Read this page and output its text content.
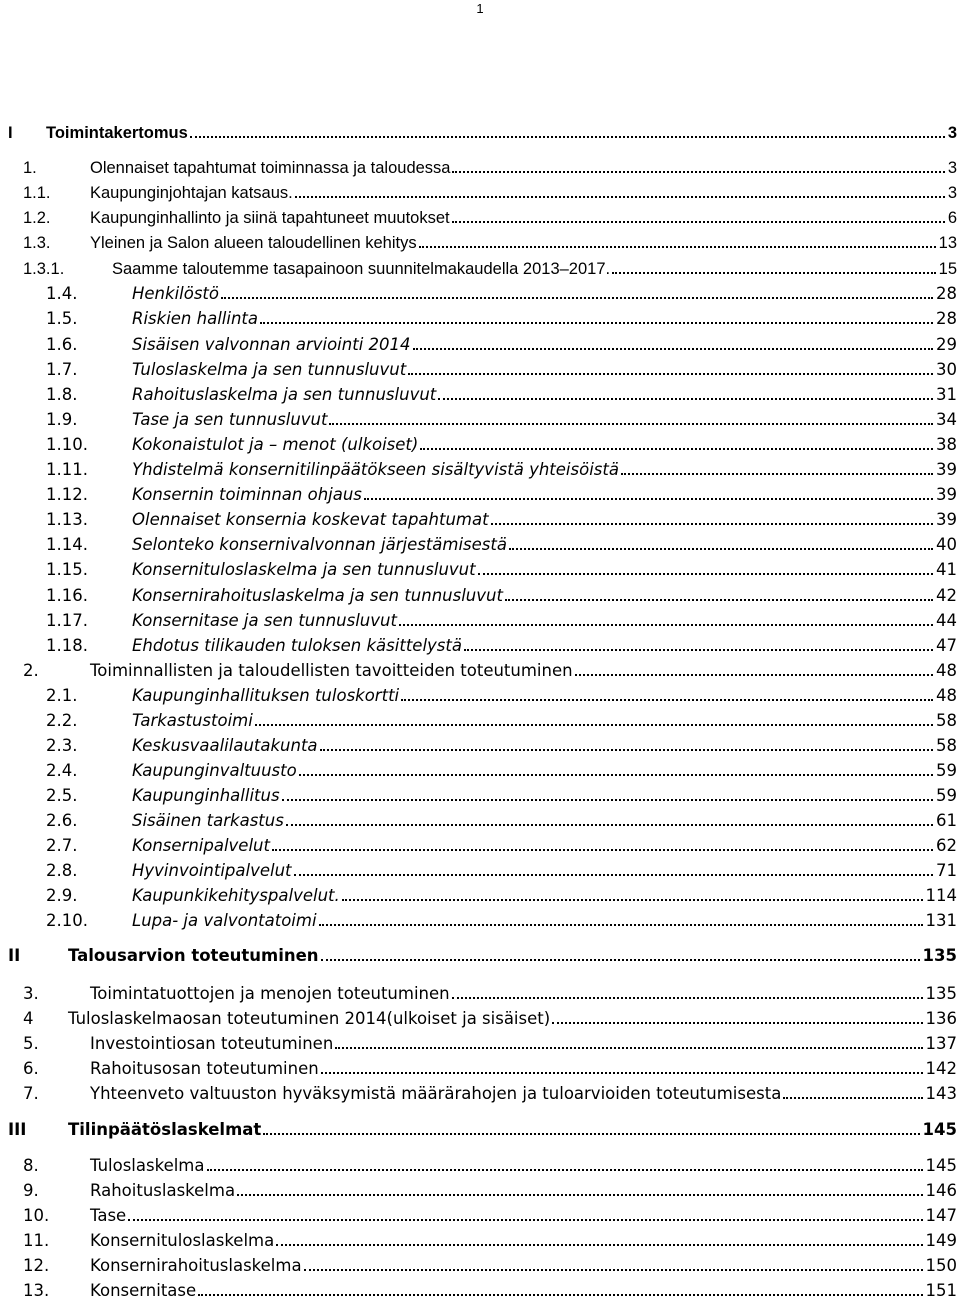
1
I Toimintakertomus	3
1.	Olennaiset tapahtumat toiminnassa ja taloudessa	3
1.1. Kaupunginjohtajan katsaus.	3
1.2. Kaupunginhallinto ja siinä tapahtuneet muutokset	6
1.3. Yleinen ja Salon alueen taloudellinen kehitys	13
1.3.1.	Saamme taloutemme tasapainoon suunnitelmakaudella 2013–2017.	15
1.4.	Henkilöstö	28
1.5.	Riskien hallinta	28
1.6.	Sisäisen valvonnan arviointi 2014	29
1.7.	Tuloslaskelma ja sen tunnusluvut	30
1.8.	Rahoituslaskelma ja sen tunnusluvut	31
1.9.	Tase ja sen tunnusluvut	34
1.10.	Kokonaistulot ja – menot (ulkoiset)	38
1.11.	Yhdistelmä konsernitilinpäätökseen sisältyvistä yhteisöistä	39
1.12.	Konsernin toiminnan ohjaus	39
1.13.	Olennaiset konsernia koskevat tapahtumat	39
1.14.	Selonteko konsernivalvonnan järjestämisestä	40
1.15.	Konsernituloslaskelma ja sen tunnusluvut	41
1.16.	Konsernirahoituslaskelma ja sen tunnusluvut	42
1.17.	Konsernitase ja sen tunnusluvut	44
1.18.	Ehdotus tilikauden tuloksen käsittelystä	47
2.	Toiminnallisten ja taloudellisten tavoitteiden toteutuminen	48
2.1.	Kaupunginhallituksen tuloskortti	48
2.2.	Tarkastustoimi	58
2.3.	Keskusvaalilautakunta	58
2.4.	Kaupunginvaltuusto	59
2.5.	Kaupunginhallitus	59
2.6.	Sisäinen tarkastus	61
2.7.	Konsernipalvelut	62
2.8.	Hyvinvointipalvelut	71
2.9.	Kaupunkikehityspalvelut.	114
2.10.	Lupa- ja valvontatoimi	131
II	Talousarvion toteutuminen	135
3.	Toimintatuottojen ja menojen toteutuminen	135
4 Tuloslaskelmaosan toteutuminen 2014(ulkoiset ja sisäiset)	136
5.	Investointiosan toteutuminen	137
6.	Rahoitusosan toteutuminen	142
7.	Yhteenveto valtuuston hyväksymistä määrärahojen ja tuloarvioiden toteutumisesta	143
III	Tilinpäätöslaskelmat	145
8.	Tuloslaskelma	145
9.	Rahoituslaskelma	146
10. Tase	147
11. Konsernituloslaskelma	149
12. Konsernirahoituslaskelma	150
13. Konsernitase	151
